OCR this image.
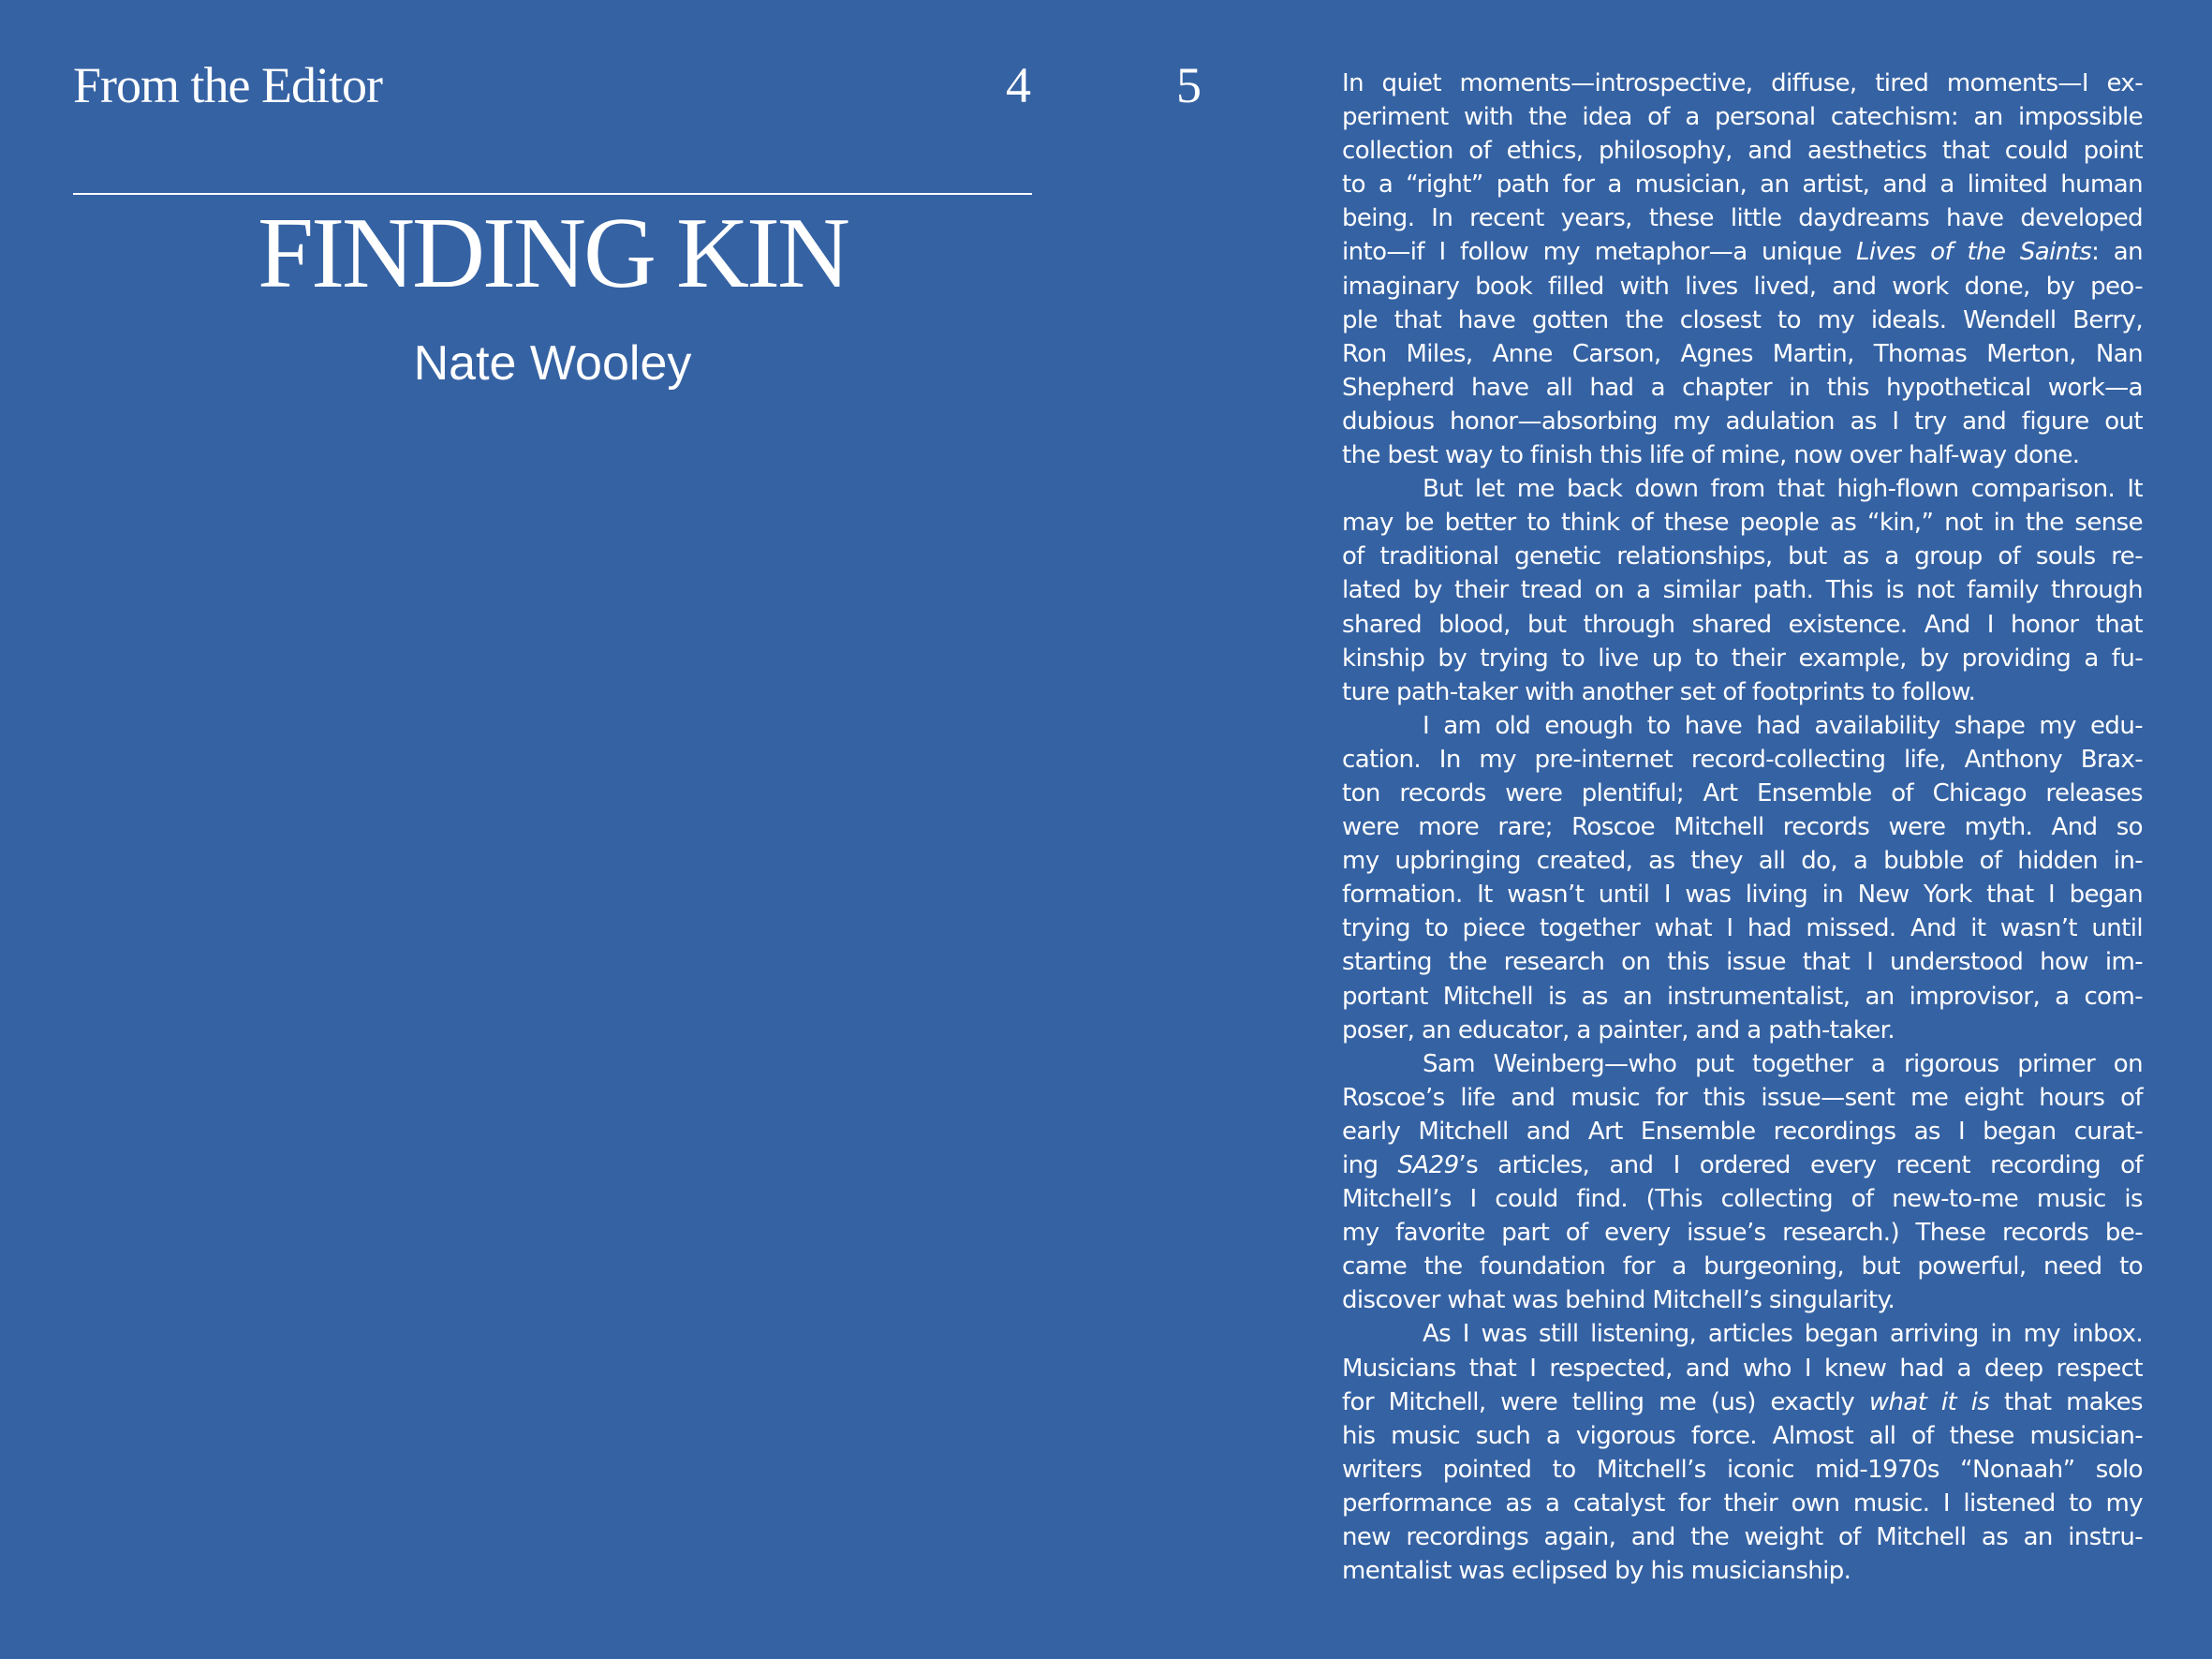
From the Editor	4	5
FINDING KIN
Nate Wooley
In quiet moments—introspective, diffuse, tired moments—I ex-
periment with the idea of a personal catechism: an impossible
collection of ethics, philosophy, and aesthetics that could point
to a “right” path for a musician, an artist, and a limited human
being. In recent years, these little daydreams have developed
into—if I follow my metaphor—a unique Lives of the Saints: an
imaginary book filled with lives lived, and work done, by peo-
ple that have gotten the closest to my ideals. Wendell Berry,
Ron Miles, Anne Carson, Agnes Martin, Thomas Merton, Nan
Shepherd have all had a chapter in this hypothetical work—a
dubious honor—absorbing my adulation as I try and figure out
the best way to finish this life of mine, now over half-way done.
But let me back down from that high-flown comparison. It
may be better to think of these people as “kin,” not in the sense
of traditional genetic relationships, but as a group of souls re-
lated by their tread on a similar path. This is not family through
shared blood, but through shared existence. And I honor that
kinship by trying to live up to their example, by providing a fu-
ture path-taker with another set of footprints to follow.
I am old enough to have had availability shape my edu-
cation. In my pre-internet record-collecting life, Anthony Brax-
ton records were plentiful; Art Ensemble of Chicago releases
were more rare; Roscoe Mitchell records were myth. And so
my upbringing created, as they all do, a bubble of hidden in-
formation. It wasn’t until I was living in New York that I began
trying to piece together what I had missed. And it wasn’t until
starting the research on this issue that I understood how im-
portant Mitchell is as an instrumentalist, an improvisor, a com-
poser, an educator, a painter, and a path-taker.
Sam Weinberg—who put together a rigorous primer on
Roscoe’s life and music for this issue—sent me eight hours of
early Mitchell and Art Ensemble recordings as I began curat-
ing SA29’s articles, and I ordered every recent recording of
Mitchell’s I could find. (This collecting of new-to-me music is
my favorite part of every issue’s research.) These records be-
came the foundation for a burgeoning, but powerful, need to
discover what was behind Mitchell’s singularity.
As I was still listening, articles began arriving in my inbox.
Musicians that I respected, and who I knew had a deep respect
for Mitchell, were telling me (us) exactly what it is that makes
his music such a vigorous force. Almost all of these musician-
writers pointed to Mitchell’s iconic mid-1970s “Nonaah” solo
performance as a catalyst for their own music. I listened to my
new recordings again, and the weight of Mitchell as an instru-
mentalist was eclipsed by his musicianship.
